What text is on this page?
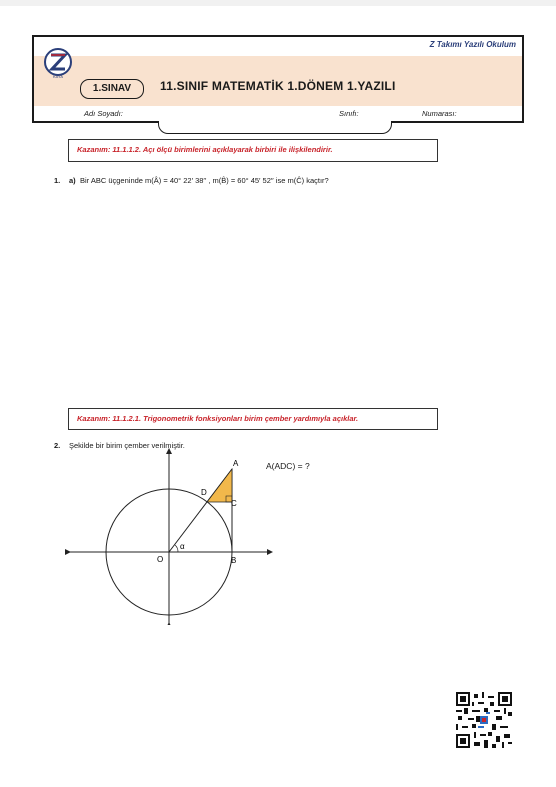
Z Takımı Yazılı Okulum
KAYA
1.SINAV	11.SINIF MATEMATİK 1.DÖNEM 1.YAZILI
Adı Soyadı:	Sınıfı:	Numarası:
Kazanım: 11.1.1.2. Açı ölçü birimlerini açıklayarak birbiri ile ilişkilendirir.
1. a) Bir ABC üçgeninde m(Â) = 40° 22′ 38′′ , m(B̂) = 60° 45′ 52′′ ise m(Ĉ) kaçtır?
Kazanım: 11.1.2.1. Trigonometrik fonksiyonları birim çember yardımıyla açıklar.
2. Şekilde bir birim çember verilmiştir.
A(ADC) = ?
A
D
C
B
O
α
